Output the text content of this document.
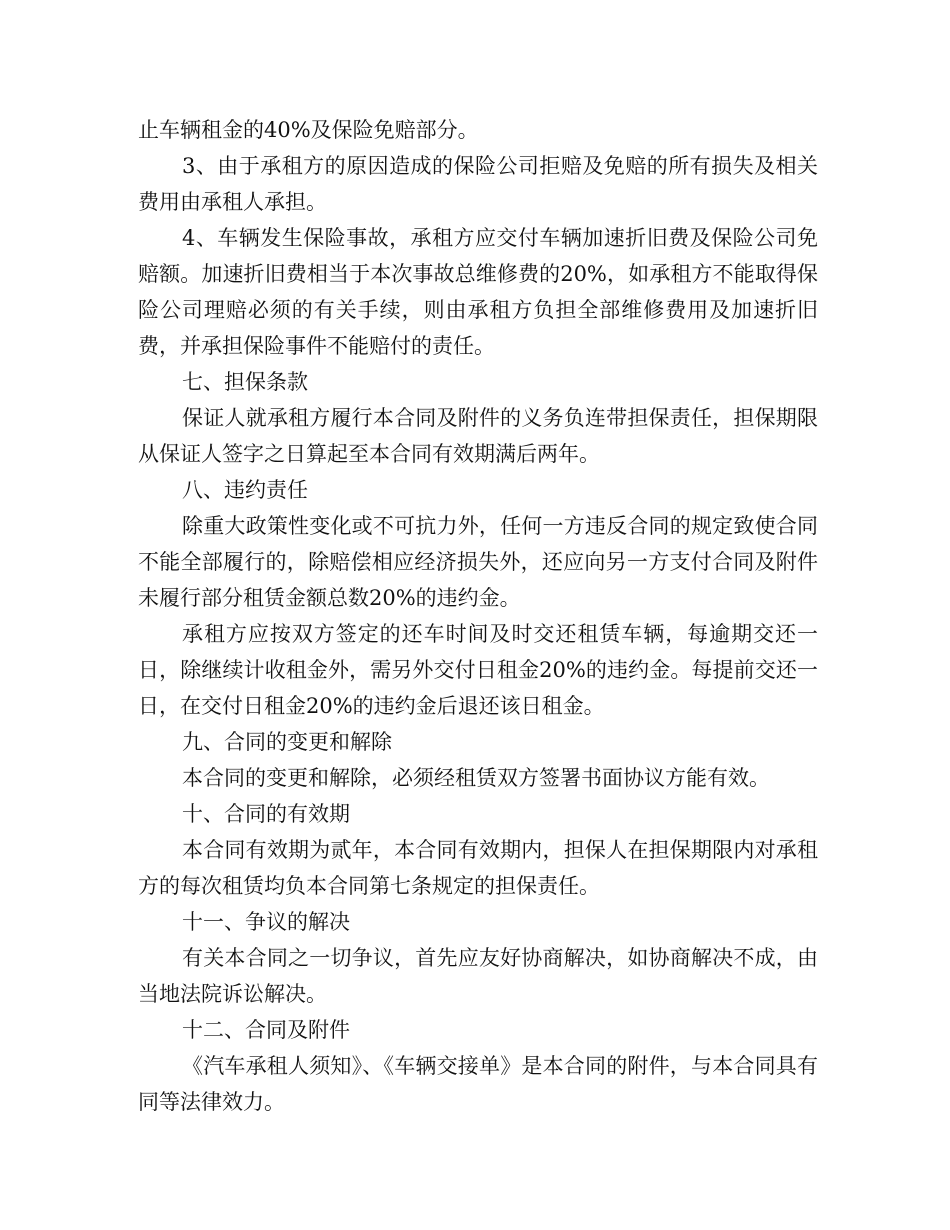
止车辆租金的40%及保险免赔部分。

3、由于承租方的原因造成的保险公司拒赔及免赔的所有损失及相关费用由承租人承担。

4、车辆发生保险事故，承租方应交付车辆加速折旧费及保险公司免赔额。加速折旧费相当于本次事故总维修费的20%，如承租方不能取得保险公司理赔必须的有关手续，则由承租方负担全部维修费用及加速折旧费，并承担保险事件不能赔付的责任。

七、担保条款

保证人就承租方履行本合同及附件的义务负连带担保责任，担保期限从保证人签字之日算起至本合同有效期满后两年。

八、违约责任

除重大政策性变化或不可抗力外，任何一方违反合同的规定致使合同不能全部履行的，除赔偿相应经济损失外，还应向另一方支付合同及附件未履行部分租赁金额总数20%的违约金。

承租方应按双方签定的还车时间及时交还租赁车辆，每逾期交还一日，除继续计收租金外，需另外交付日租金20%的违约金。每提前交还一日，在交付日租金20%的违约金后退还该日租金。

九、合同的变更和解除

本合同的变更和解除，必须经租赁双方签署书面协议方能有效。

十、合同的有效期

本合同有效期为贰年，本合同有效期内，担保人在担保期限内对承租方的每次租赁均负本合同第七条规定的担保责任。

十一、争议的解决

有关本合同之一切争议，首先应友好协商解决，如协商解决不成，由当地法院诉讼解决。

十二、合同及附件

《汽车承租人须知》、《车辆交接单》是本合同的附件，与本合同具有同等法律效力。
